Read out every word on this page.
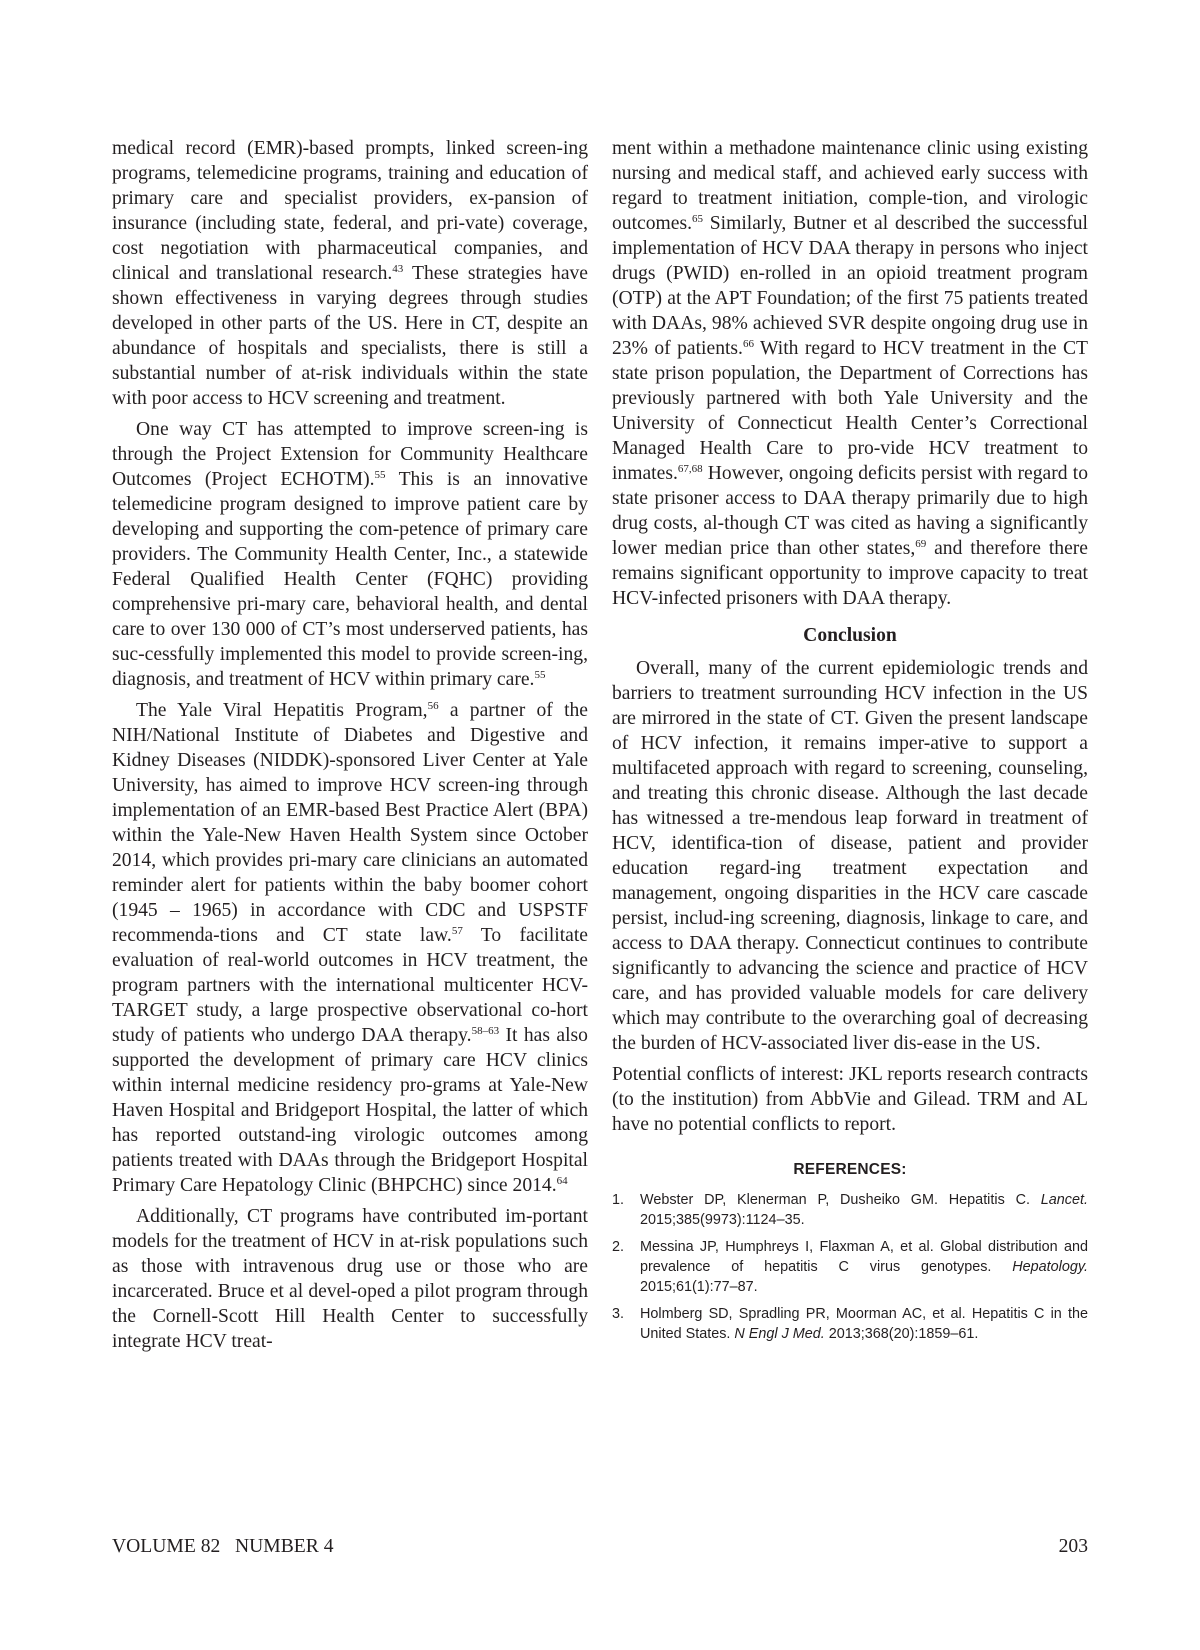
medical record (EMR)-based prompts, linked screen-ing programs, telemedicine programs, training and education of primary care and specialist providers, ex-pansion of insurance (including state, federal, and pri-vate) coverage, cost negotiation with pharmaceutical companies, and clinical and translational research.$^{43}$ These strategies have shown effectiveness in varying degrees through studies developed in other parts of the US. Here in CT, despite an abundance of hospitals and specialists, there is still a substantial number of at-risk individuals within the state with poor access to HCV screening and treatment.

One way CT has attempted to improve screen-ing is through the Project Extension for Community Healthcare Outcomes (Project ECHOTM).$^{55}$ This is an innovative telemedicine program designed to improve patient care by developing and supporting the com-petence of primary care providers. The Community Health Center, Inc., a statewide Federal Qualified Health Center (FQHC) providing comprehensive pri-mary care, behavioral health, and dental care to over 130 000 of CT’s most underserved patients, has suc-cessfully implemented this model to provide screen-ing, diagnosis, and treatment of HCV within primary care.$^{55}$

The Yale Viral Hepatitis Program,$^{56}$ a partner of the NIH/National Institute of Diabetes and Digestive and Kidney Diseases (NIDDK)-sponsored Liver Center at Yale University, has aimed to improve HCV screen-ing through implementation of an EMR-based Best Practice Alert (BPA) within the Yale-New Haven Health System since October 2014, which provides pri-mary care clinicians an automated reminder alert for patients within the baby boomer cohort (1945 – 1965) in accordance with CDC and USPSTF recommenda-tions and CT state law.$^{57}$ To facilitate evaluation of real-world outcomes in HCV treatment, the program partners with the international multicenter HCV-TARGET study, a large prospective observational co-hort study of patients who undergo DAA therapy.$^{58-63}$ It has also supported the development of primary care HCV clinics within internal medicine residency pro-grams at Yale-New Haven Hospital and Bridgeport Hospital, the latter of which has reported outstand-ing virologic outcomes among patients treated with DAAs through the Bridgeport Hospital Primary Care Hepatology Clinic (BHPCHC) since 2014.64

Additionally, CT programs have contributed im-portant models for the treatment of HCV in at-risk populations such as those with intravenous drug use or those who are incarcerated. Bruce et al devel-oped a pilot program through the Cornell-Scott Hill Health Center to successfully integrate HCV treat-

ment within a methadone maintenance clinic using existing nursing and medical staff, and achieved early success with regard to treatment initiation, comple-tion, and virologic outcomes.$^{65}$ Similarly, Butner et al described the successful implementation of HCV DAA therapy in persons who inject drugs (PWID) en-rolled in an opioid treatment program (OTP) at the APT Foundation; of the first 75 patients treated with DAAs, 98% achieved SVR despite ongoing drug use in 23% of patients.$^{66}$ With regard to HCV treatment in the CT state prison population, the Department of Corrections has previously partnered with both Yale University and the University of Connecticut Health Center’s Correctional Managed Health Care to pro-vide HCV treatment to inmates.$^{67,68}$ However, ongoing deficits persist with regard to state prisoner access to DAA therapy primarily due to high drug costs, al-though CT was cited as having a significantly lower median price than other states,$^{69}$ and therefore there remains significant opportunity to improve capacity to treat HCV-infected prisoners with DAA therapy.

Conclusion

Overall, many of the current epidemiologic trends and barriers to treatment surrounding HCV infection in the US are mirrored in the state of CT. Given the present landscape of HCV infection, it remains imper-ative to support a multifaceted approach with regard to screening, counseling, and treating this chronic disease. Although the last decade has witnessed a tre-mendous leap forward in treatment of HCV, identifica-tion of disease, patient and provider education regard-ing treatment expectation and management, ongoing disparities in the HCV care cascade persist, includ-ing screening, diagnosis, linkage to care, and access to DAA therapy. Connecticut continues to contribute significantly to advancing the science and practice of HCV care, and has provided valuable models for care delivery which may contribute to the overarching goal of decreasing the burden of HCV-associated liver dis-ease in the US.

Potential conflicts of interest: JKL reports research contracts (to the institution) from AbbVie and Gilead. TRM and AL have no potential conflicts to report.

REFERENCES:
1.	Webster DP, Klenerman P, Dusheiko GM. Hepatitis C. Lancet. 2015;385(9973):1124–35.
2.	Messina JP, Humphreys I, Flaxman A, et al. Global distribution and prevalence of hepatitis C virus genotypes. Hepatology. 2015;61(1):77–87.
3.	Holmberg SD, Spradling PR, Moorman AC, et al. Hepatitis C in the United States. N Engl J Med. 2013;368(20):1859–61.
VOLUME 82   NUMBER 4	203
